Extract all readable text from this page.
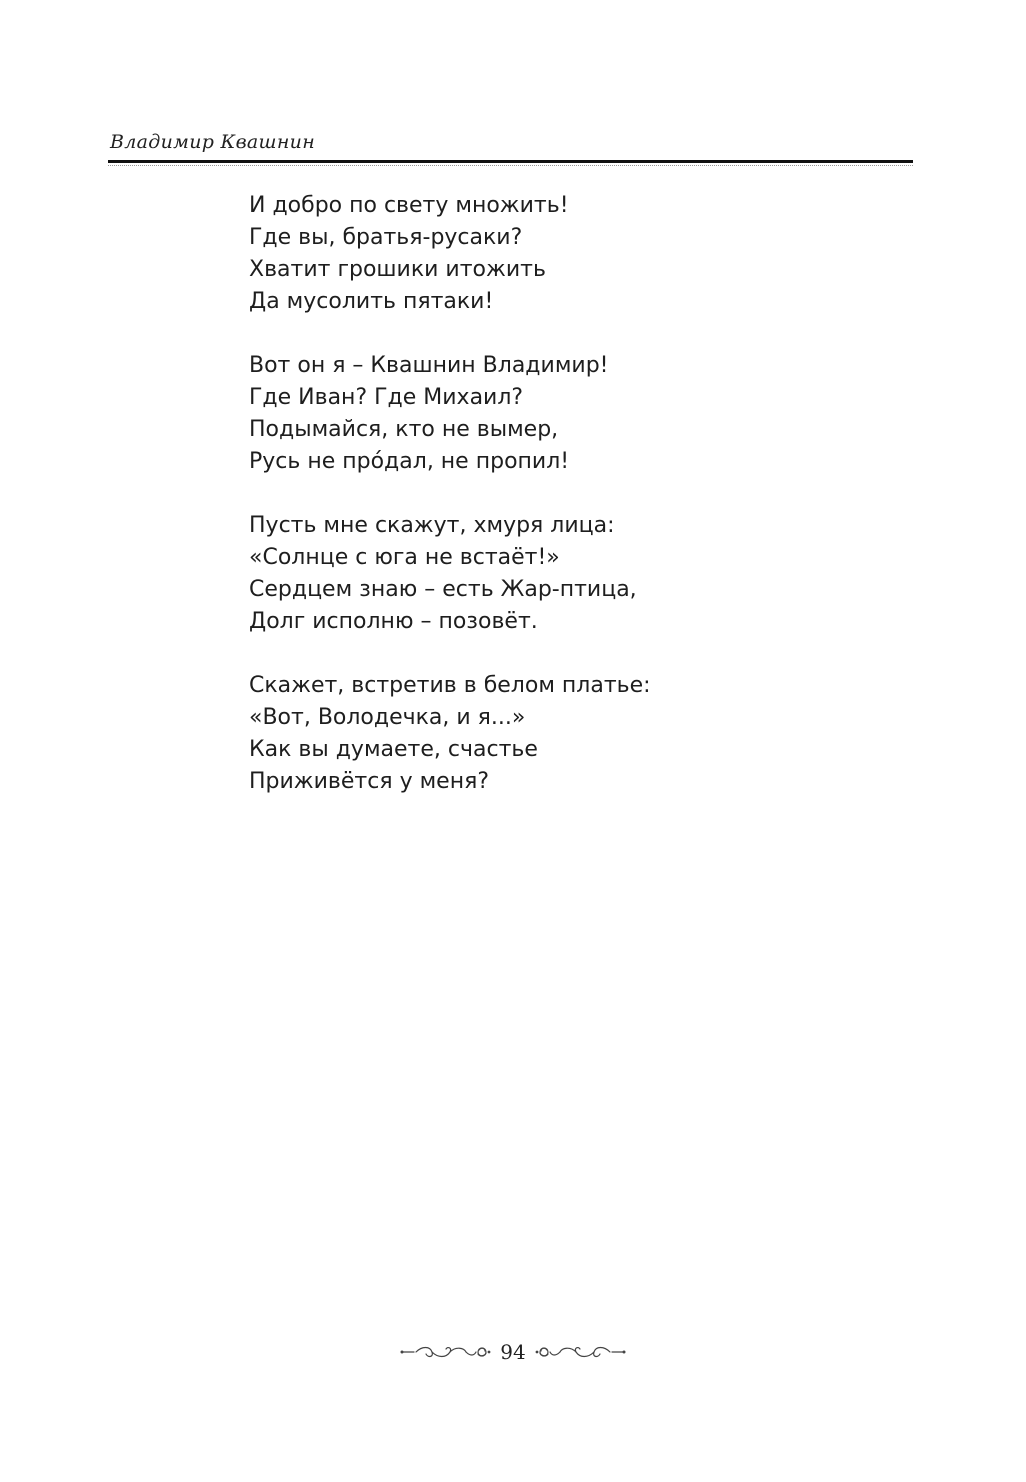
Владимир Квашнин
И добро по свету множить!
Где вы, братья-русаки?
Хватит грошики итожить
Да мусолить пятаки!
Вот он я – Квашнин Владимир!
Где Иван? Где Михаил?
Подымайся, кто не вымер,
Русь не про́дал, не пропил!
Пусть мне скажут, хмуря лица:
«Солнце с юга не встаёт!»
Сердцем знаю – есть Жар-птица,
Долг исполню – позовёт.
Скажет, встретив в белом платье:
«Вот, Володечка, и я...»
Как вы думаете, счастье
Приживётся у меня?
94
